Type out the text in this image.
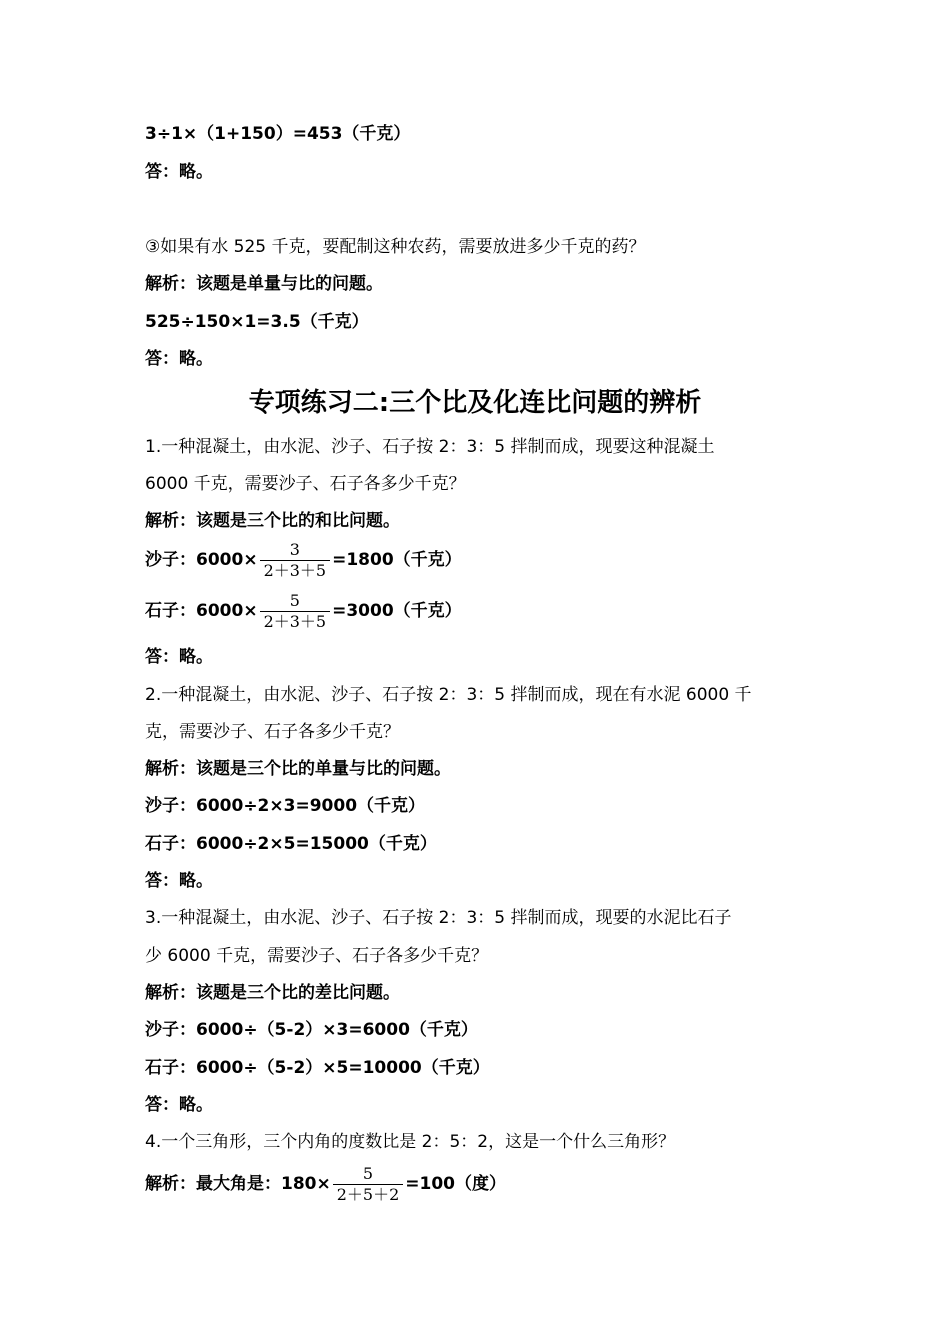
3÷1×（1+150）=453（千克）
答：略。
③如果有水 525 千克，要配制这种农药，需要放进多少千克的药？
解析：该题是单量与比的问题。
525÷150×1=3.5（千克）
答：略。
专项练习二:三个比及化连比问题的辨析
1.一种混凝土，由水泥、沙子、石子按 2：3：5 拌制而成，现要这种混凝土
6000 千克，需要沙子、石子各多少千克？
解析：该题是三个比的和比问题。
沙子：$6000\times \frac{3}{2+3+5} =1800$（千克）
石子：$6000\times \frac{5}{2+3+5} =3000$（千克）
答：略。
2.一种混凝土，由水泥、沙子、石子按 2：3：5 拌制而成，现在有水泥 6000 千
克，需要沙子、石子各多少千克？
解析：该题是三个比的单量与比的问题。
沙子：6000÷2×3=9000（千克）
石子：6000÷2×5=15000（千克）
答：略。
3.一种混凝土，由水泥、沙子、石子按 2：3：5 拌制而成，现要的水泥比石子
少 6000 千克，需要沙子、石子各多少千克？
解析：该题是三个比的差比问题。
沙子：6000÷（5-2）×3=6000（千克）
石子：6000÷（5-2）×5=10000（千克）
答：略。
4.一个三角形，三个内角的度数比是 2：5：2，这是一个什么三角形？
解析：最大角是：$180\times \frac{5}{2+5+2} =100$（度）
